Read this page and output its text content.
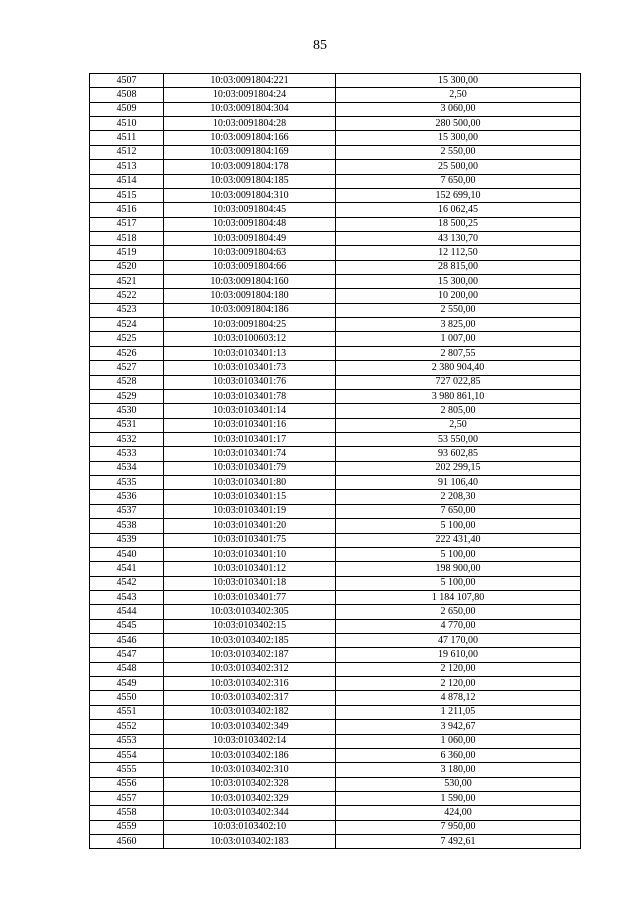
85
4507	10:03:0091804:221	15 300,00
4508	10:03:0091804:24	2,50
4509	10:03:0091804:304	3 060,00
4510	10:03:0091804:28	280 500,00
4511	10:03:0091804:166	15 300,00
4512	10:03:0091804:169	2 550,00
4513	10:03:0091804:178	25 500,00
4514	10:03:0091804:185	7 650,00
4515	10:03:0091804:310	152 699,10
4516	10:03:0091804:45	16 062,45
4517	10:03:0091804:48	18 500,25
4518	10:03:0091804:49	43 130,70
4519	10:03:0091804:63	12 112,50
4520	10:03:0091804:66	28 815,00
4521	10:03:0091804:160	15 300,00
4522	10:03:0091804:180	10 200,00
4523	10:03:0091804:186	2 550,00
4524	10:03:0091804:25	3 825,00
4525	10:03:0100603:12	1 007,00
4526	10:03:0103401:13	2 807,55
4527	10:03:0103401:73	2 380 904,40
4528	10:03:0103401:76	727 022,85
4529	10:03:0103401:78	3 980 861,10
4530	10:03:0103401:14	2 805,00
4531	10:03:0103401:16	2,50
4532	10:03:0103401:17	53 550,00
4533	10:03:0103401:74	93 602,85
4534	10:03:0103401:79	202 299,15
4535	10:03:0103401:80	91 106,40
4536	10:03:0103401:15	2 208,30
4537	10:03:0103401:19	7 650,00
4538	10:03:0103401:20	5 100,00
4539	10:03:0103401:75	222 431,40
4540	10:03:0103401:10	5 100,00
4541	10:03:0103401:12	198 900,00
4542	10:03:0103401:18	5 100,00
4543	10:03:0103401:77	1 184 107,80
4544	10:03:0103402:305	2 650,00
4545	10:03:0103402:15	4 770,00
4546	10:03:0103402:185	47 170,00
4547	10:03:0103402:187	19 610,00
4548	10:03:0103402:312	2 120,00
4549	10:03:0103402:316	2 120,00
4550	10:03:0103402:317	4 878,12
4551	10:03:0103402:182	1 211,05
4552	10:03:0103402:349	3 942,67
4553	10:03:0103402:14	1 060,00
4554	10:03:0103402:186	6 360,00
4555	10:03:0103402:310	3 180,00
4556	10:03:0103402:328	530,00
4557	10:03:0103402:329	1 590,00
4558	10:03:0103402:344	424,00
4559	10:03:0103402:10	7 950,00
4560	10:03:0103402:183	7 492,61
